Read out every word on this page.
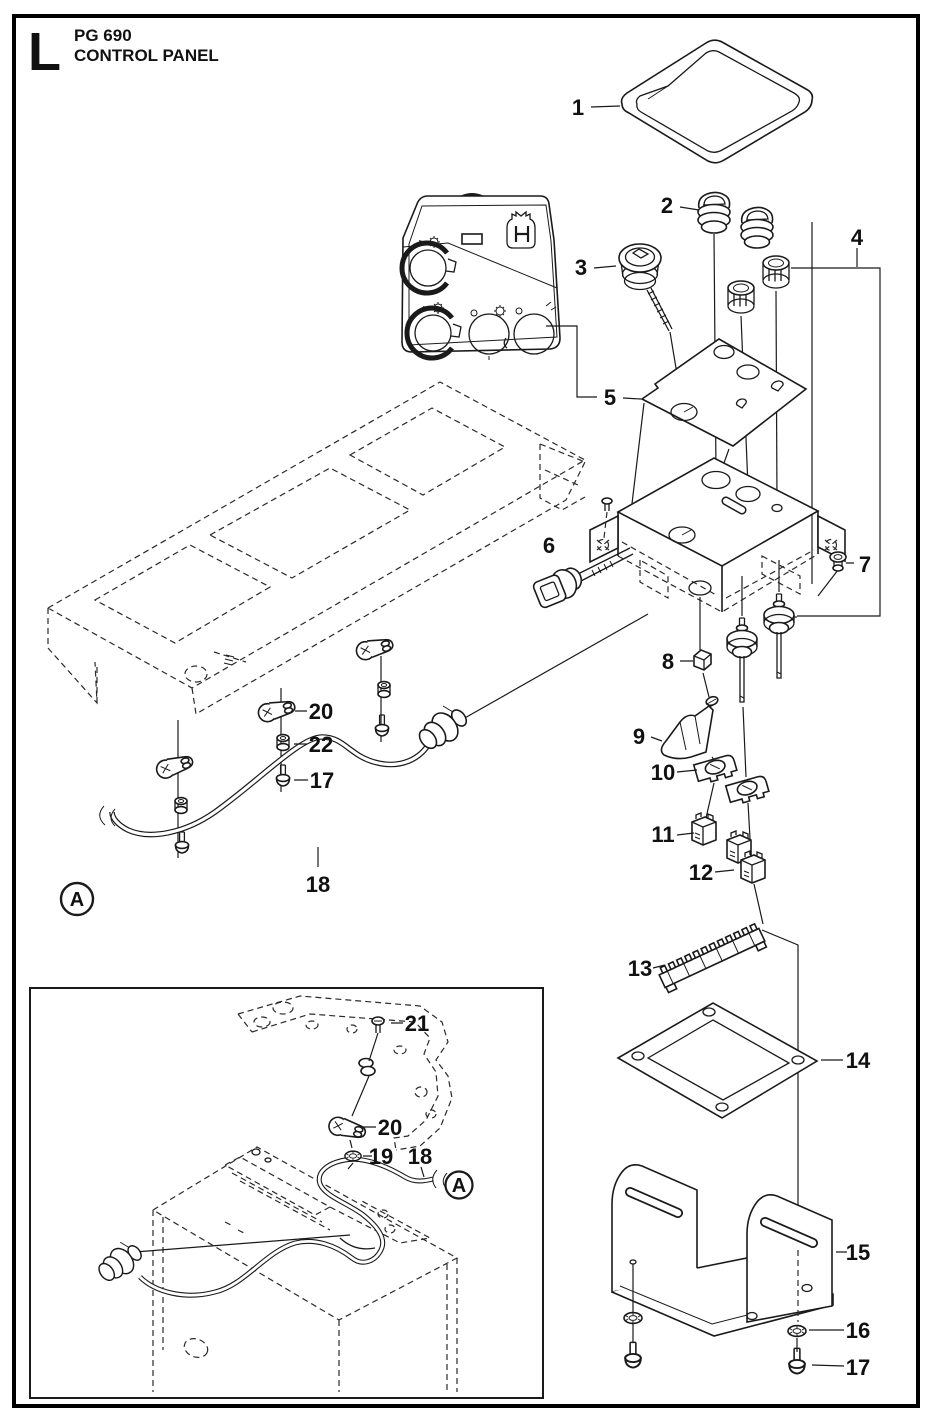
L PG 690
CONTROL PANEL
1
2
3
4
5
6
7
8
9
10
11
12
13
14
15
16
17
20
22
17
18
21
20
19 18
A
A
